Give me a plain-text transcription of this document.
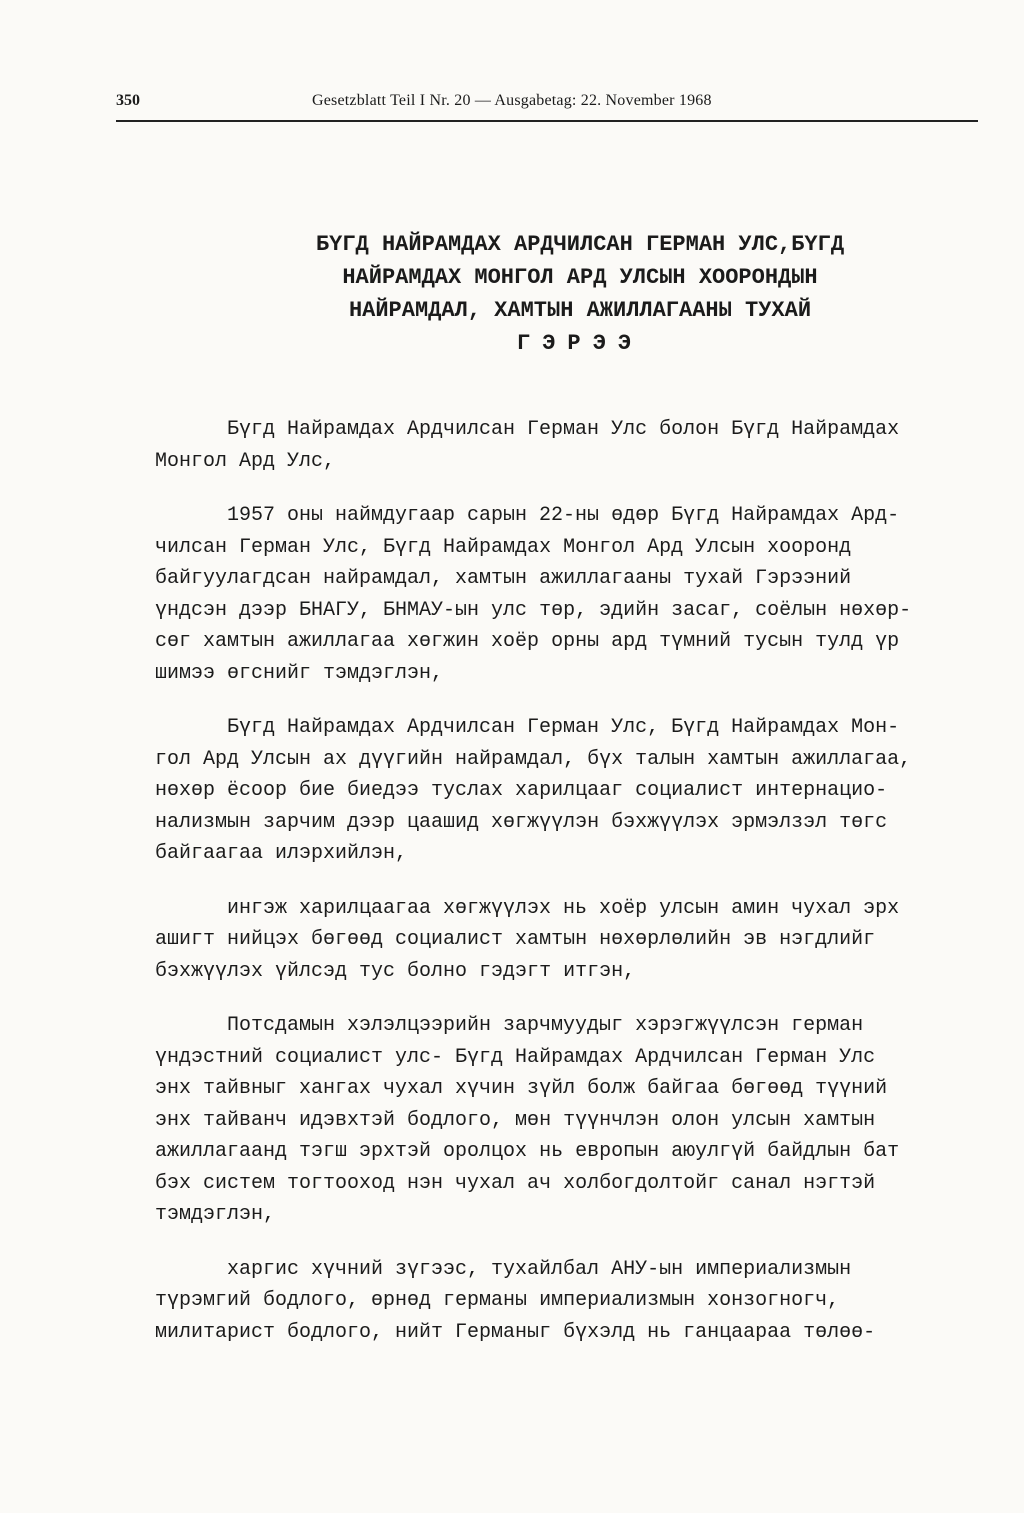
350	Gesetzblatt Teil I Nr. 20 — Ausgabetag: 22. November 1968
БҮГД НАЙРАМДАХ АРДЧИЛСАН ГЕРМАН УЛС,БҮГД
НАЙРАМДАХ МОНГОЛ АРД УЛСЫН ХООРОНДЫН
НАЙРАМДАЛ, ХАМТЫН АЖИЛЛАГААНЫ ТУХАЙ
ГЭРЭЭ

Бүгд Найрамдах Ардчилсан Герман Улс болон Бүгд Найрамдах
Монгол Ард Улс,

1957 оны наймдугаар сарын 22-ны өдөр Бүгд Найрамдах Ард-
чилсан Герман Улс, Бүгд Найрамдах Монгол Ард Улсын хооронд
байгуулагдсан найрамдал, хамтын ажиллагааны тухай Гэрээний
үндсэн дээр БНАГУ, БНМАУ-ын улс төр, эдийн засаг, соёлын нөхөр-
сөг хамтын ажиллагаа хөгжин хоёр орны ард түмний тусын тулд үр
шимээ өгснийг тэмдэглэн,

Бүгд Найрамдах Ардчилсан Герман Улс, Бүгд Найрамдах Мон-
гол Ард Улсын ах дүүгийн найрамдал, бүх талын хамтын ажиллагаа,
нөхөр ёсоор бие биедээ туслах харилцааг социалист интернацио-
нализмын зарчим дээр цаашид хөгжүүлэн бэхжүүлэх эрмэлзэл төгс
байгаагаа илэрхийлэн,

ингэж харилцаагаа хөгжүүлэх нь хоёр улсын амин чухал эрх
ашигт нийцэх бөгөөд социалист хамтын нөхөрлөлийн эв нэгдлийг
бэхжүүлэх үйлсэд тус болно гэдэгт итгэн,

Потсдамын хэлэлцээрийн зарчмуудыг хэрэгжүүлсэн герман
үндэстний социалист улс- Бүгд Найрамдах Ардчилсан Герман Улс
энх тайвныг хангах чухал хүчин зүйл болж байгаа бөгөөд түүний
энх тайванч идэвхтэй бодлого, мөн түүнчлэн олон улсын хамтын
ажиллагаанд тэгш эрхтэй оролцох нь европын аюулгүй байдлын бат
бэх систем тогтооход нэн чухал ач холбогдолтойг санал нэгтэй
тэмдэглэн,

харгис хүчний зүгээс, тухайлбал АНУ-ын империализмын
түрэмгий бодлого, өрнөд германы империализмын хонзогногч,
милитарист бодлого, нийт Германыг бүхэлд нь ганцаараа төлөө-
